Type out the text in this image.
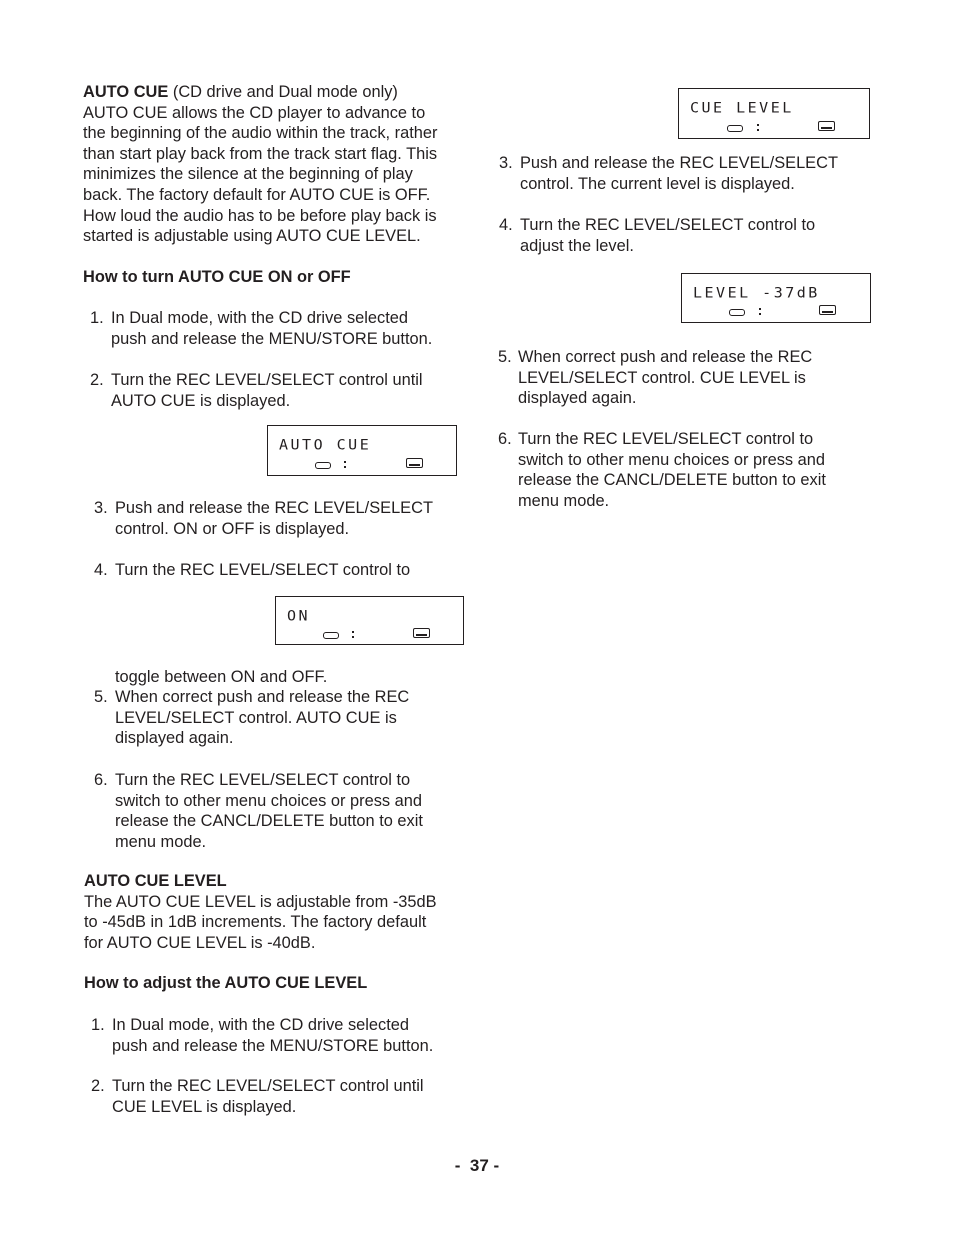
AUTO CUE (CD drive and Dual mode only)
AUTO CUE allows the CD player to advance to
the beginning of the audio within the track, rather
than start play back from the track start flag. This
minimizes the silence at the beginning of play
back. The factory default for AUTO CUE is OFF.
How loud the audio has to be before play back is
started is adjustable using AUTO CUE LEVEL.
How to turn AUTO CUE ON or OFF
1. In Dual mode, with the CD drive selected
push and release the MENU/STORE button.
2. Turn the REC LEVEL/SELECT control until
AUTO CUE is displayed.
AUTO CUE
3. Push and release the REC LEVEL/SELECT
control. ON or OFF is displayed.
4. Turn the REC LEVEL/SELECT control to
ON
toggle between ON and OFF.
5. When correct push and release the REC
LEVEL/SELECT control. AUTO CUE is
displayed again.
6. Turn the REC LEVEL/SELECT control to
switch to other menu choices or press and
release the CANCL/DELETE button to exit
menu mode.
AUTO CUE LEVEL
The AUTO CUE LEVEL is adjustable from -35dB
to -45dB in 1dB increments. The factory default
for AUTO CUE LEVEL is -40dB.
How to adjust the AUTO CUE LEVEL
1. In Dual mode, with the CD drive selected
push and release the MENU/STORE button.
2. Turn the REC LEVEL/SELECT control until
CUE LEVEL is displayed.
CUE LEVEL
3. Push and release the REC LEVEL/SELECT
control. The current level is displayed.
4. Turn the REC LEVEL/SELECT control to
adjust the level.
LEVEL -37dB
5. When correct push and release the REC
LEVEL/SELECT control. CUE LEVEL is
displayed again.
6. Turn the REC LEVEL/SELECT control to
switch to other menu choices or press and
release the CANCL/DELETE button to exit
menu mode.
-  37 -
